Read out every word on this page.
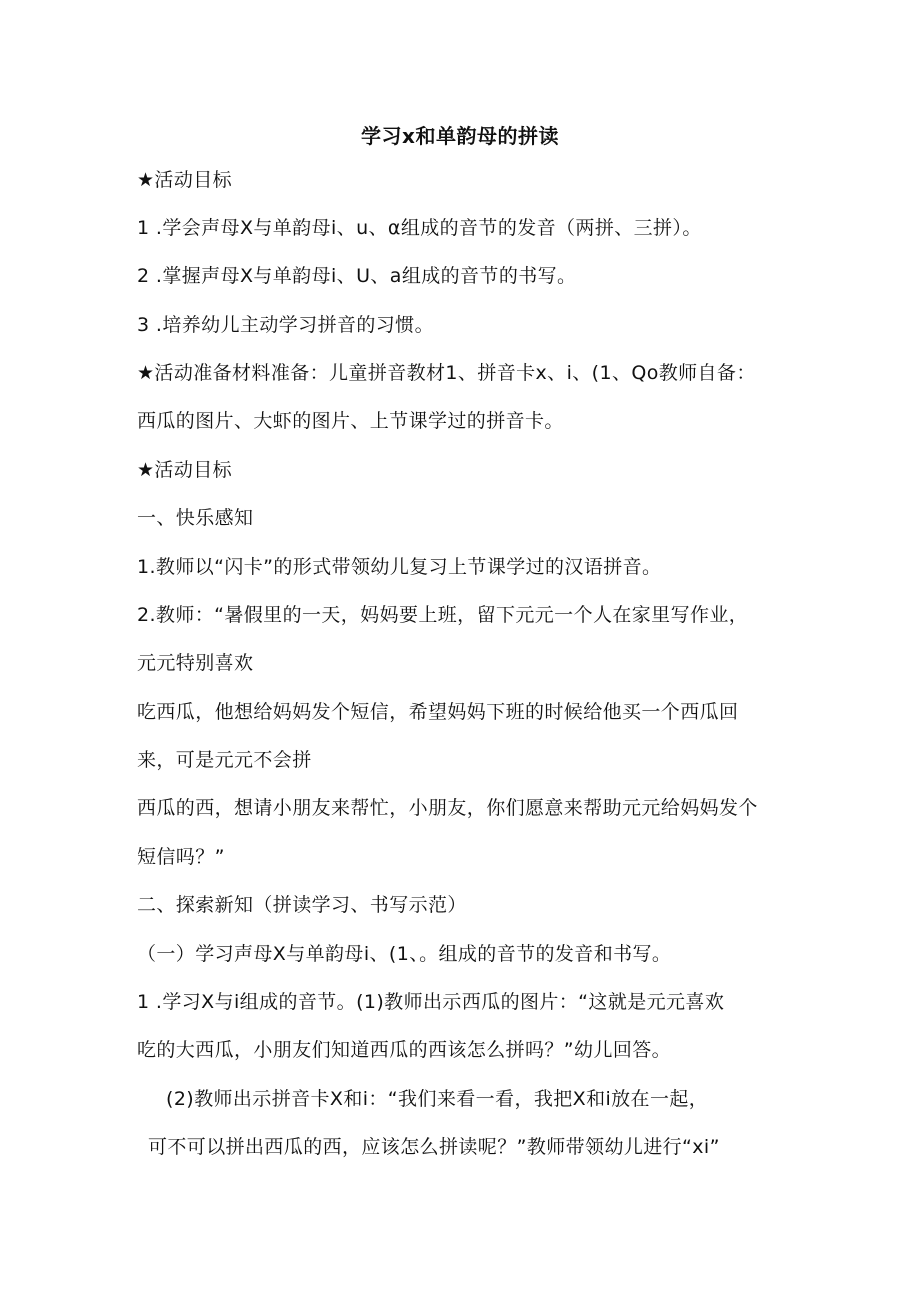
学习x和单韵母的拼读
★活动目标
1 .学会声母X与单韵母i、u、α组成的音节的发音（两拼、三拼）。
2 .掌握声母X与单韵母i、U、a组成的音节的书写。
3 .培养幼儿主动学习拼音的习惯。
★活动准备材料准备：儿童拼音教材1、拼音卡x、i、(1、Qo教师自备：
西瓜的图片、大虾的图片、上节课学过的拼音卡。
★活动目标
一、快乐感知
1.教师以“闪卡”的形式带领幼儿复习上节课学过的汉语拼音。
2.教师：“暑假里的一天，妈妈要上班，留下元元一个人在家里写作业，
元元特别喜欢
吃西瓜，他想给妈妈发个短信，希望妈妈下班的时候给他买一个西瓜回
来，可是元元不会拼
西瓜的西，想请小朋友来帮忙，小朋友，你们愿意来帮助元元给妈妈发个
短信吗？”
二、探索新知（拼读学习、书写示范）
（一）学习声母X与单韵母i、(1、。组成的音节的发音和书写。
1 .学习X与i组成的音节。(1)教师出示西瓜的图片：“这就是元元喜欢
吃的大西瓜，小朋友们知道西瓜的西该怎么拼吗？”幼儿回答。
(2)教师出示拼音卡X和i：“我们来看一看，我把X和i放在一起，
可不可以拼出西瓜的西，应该怎么拼读呢？”教师带领幼儿进行“xi”
